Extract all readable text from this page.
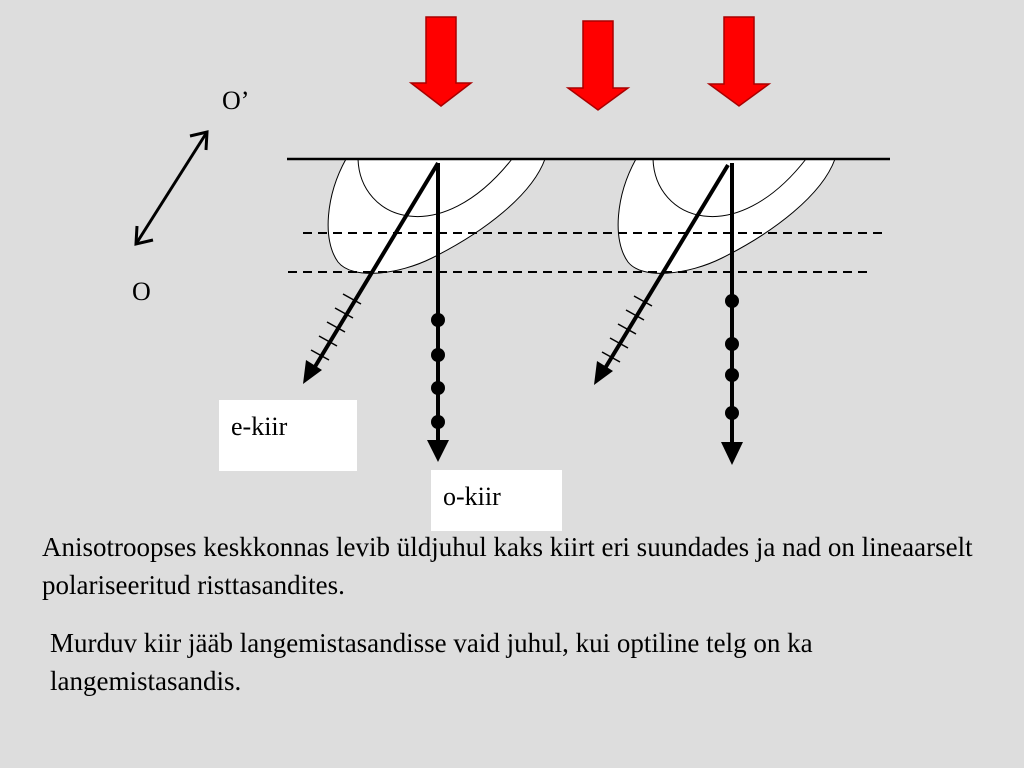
O’
O
e-kiir
o-kiir

Anisotroopses keskkonnas levib üldjuhul kaks kiirt eri suundades ja nad on lineaarselt polariseeritud risttasandites.

Murduv kiir jääb langemistasandisse vaid juhul, kui optiline telg on ka langemistasandis.
